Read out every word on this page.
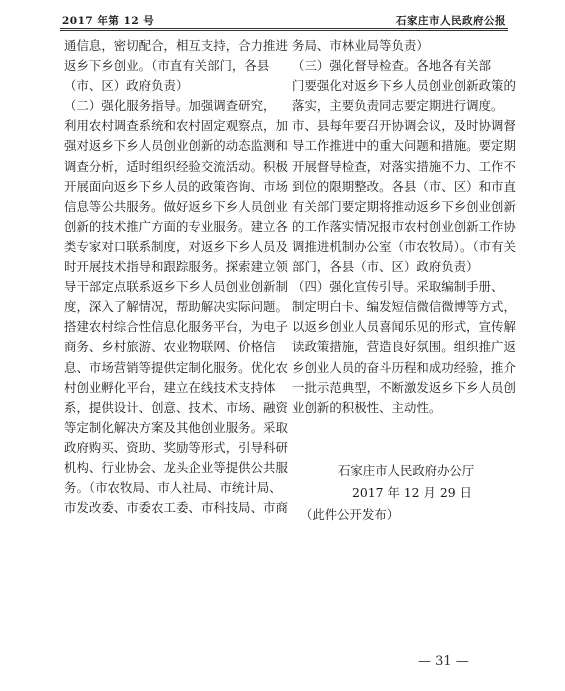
2017 年第 12 号	石家庄市人民政府公报
通信息，密切配合，相互支持，合力推进
返乡下乡创业。（市直有关部门，各县
（市、区）政府负责）
（二）强化服务指导。加强调查研究，
利用农村调查系统和农村固定观察点，加
强对返乡下乡人员创业创新的动态监测和
调查分析，适时组织经验交流活动。积极
开展面向返乡下乡人员的政策咨询、市场
信息等公共服务。做好返乡下乡人员创业
创新的技术推广方面的专业服务。建立各
类专家对口联系制度，对返乡下乡人员及
时开展技术指导和跟踪服务。探索建立领
导干部定点联系返乡下乡人员创业创新制
度，深入了解情况，帮助解决实际问题。
搭建农村综合性信息化服务平台，为电子
商务、乡村旅游、农业物联网、价格信
息、市场营销等提供定制化服务。优化农
村创业孵化平台，建立在线技术支持体
系，提供设计、创意、技术、市场、融资
等定制化解决方案及其他创业服务。采取
政府购买、资助、奖励等形式，引导科研
机构、行业协会、龙头企业等提供公共服
务。（市农牧局、市人社局、市统计局、
市发改委、市委农工委、市科技局、市商
务局、市林业局等负责）
（三）强化督导检查。各地各有关部
门要强化对返乡下乡人员创业创新政策的
落实，主要负责同志要定期进行调度。
市、县每年要召开协调会议，及时协调督
导工作推进中的重大问题和措施。要定期
开展督导检查，对落实措施不力、工作不
到位的限期整改。各县（市、区）和市直
有关部门要定期将推动返乡下乡创业创新
的工作落实情况报市农村创业创新工作协
调推进机制办公室（市农牧局）。（市有关
部门，各县（市、区）政府负责）
（四）强化宣传引导。采取编制手册、
制定明白卡、编发短信微信微博等方式，
以返乡创业人员喜闻乐见的形式，宣传解
读政策措施，营造良好氛围。组织推广返
乡创业人员的奋斗历程和成功经验，推介
一批示范典型，不断激发返乡下乡人员创
业创新的积极性、主动性。
石家庄市人民政府办公厅
2017 年 12 月 29 日
（此件公开发布）
— 31 —
